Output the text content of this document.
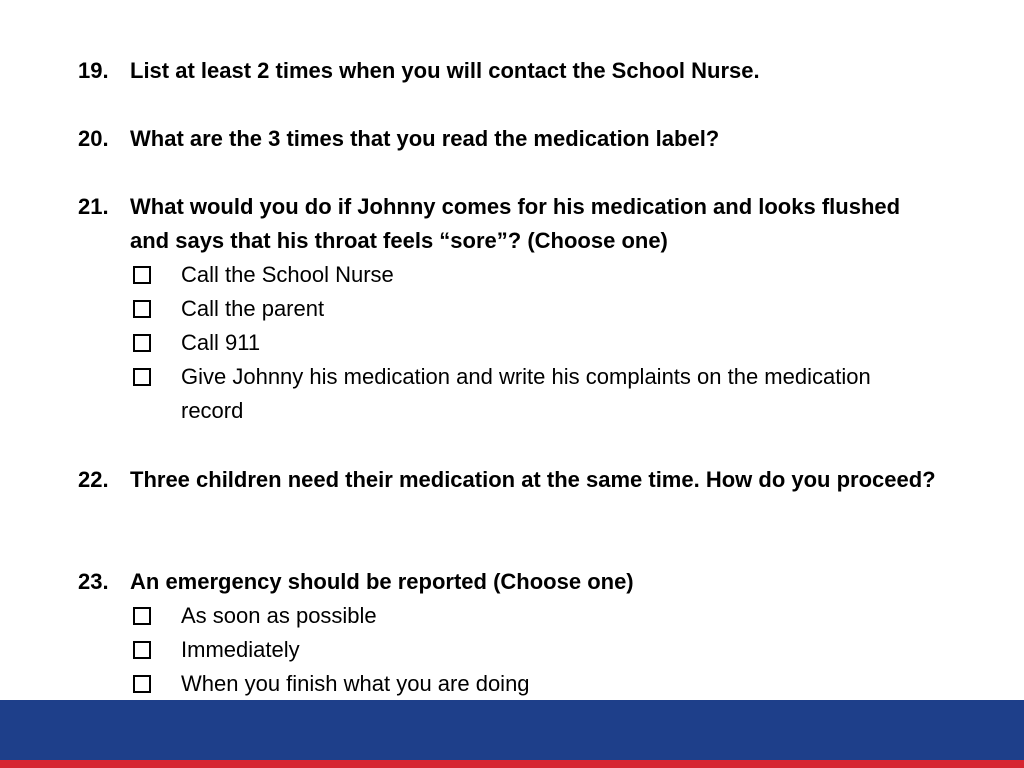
19. List at least 2 times when you will contact the School Nurse.
20. What are the 3 times that you read the medication label?
21. What would you do if Johnny comes for his medication and looks flushed and says that his throat feels “sore”? (Choose one)
Call the School Nurse
Call the parent
Call 911
Give Johnny his medication and write his complaints on the medication record
22. Three children need their medication at the same time. How do you proceed?
23. An emergency should be reported (Choose one)
As soon as possible
Immediately
When you finish what you are doing
